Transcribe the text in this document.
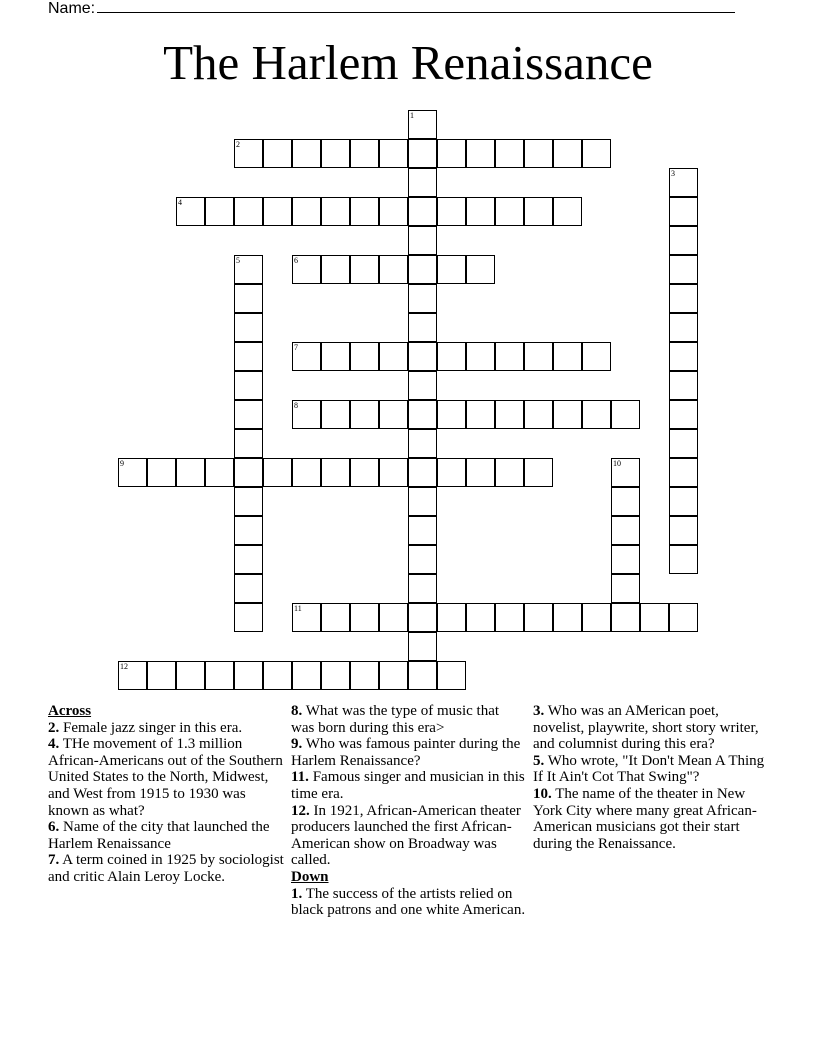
Name:
The Harlem Renaissance
1
2
3
4
5	6
7
8
9	10
11
12

Across

2. Female jazz singer in this era.

4. THe movement of 1.3 million African-Americans out of the Southern United States to the North, Midwest, and West from 1915 to 1930 was known as what?

6. Name of the city that launched the Harlem Renaissance

7. A term coined in 1925 by sociologist and critic Alain Leroy Locke.

8. What was the type of music that was born during this era>

9. Who was famous painter during the Harlem Renaissance?

11. Famous singer and musician in this time era.

12. In 1921, African-American theater producers launched the first African-American show on Broadway was called.

Down

1. The success of the artists relied on black patrons and one white American.

3. Who was an AMerican poet, novelist, playwrite, short story writer, and columnist during this era?

5. Who wrote, "It Don't Mean A Thing If It Ain't Cot That Swing"?

10. The name of the theater in New York City where many great African-American musicians got their start during the Renaissance.
